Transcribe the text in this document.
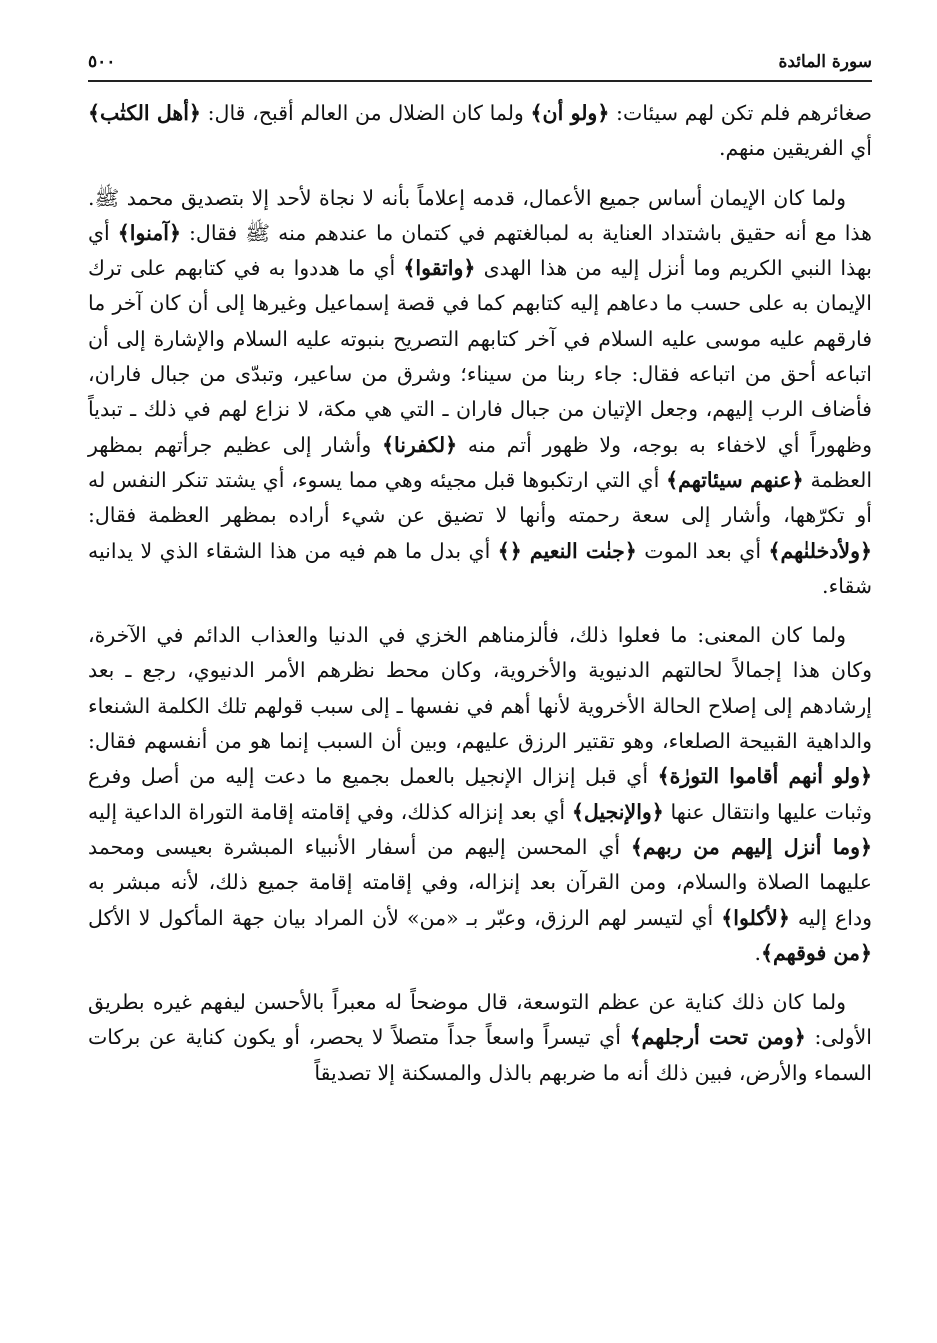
٥٠٠	سورة المائدة

صغائرهم فلم تكن لهم سيئات: ﴿ولو أن﴾ ولما كان الضلال من العالم أقبح، قال: ﴿أهل الكتٰب﴾ أي الفريقين منهم.

ولما كان الإيمان أساس جميع الأعمال، قدمه إعلاماً بأنه لا نجاة لأحد إلا بتصديق محمد ﷺ. هذا مع أنه حقيق باشتداد العناية به لمبالغتهم في كتمان ما عندهم منه ﷺ فقال: ﴿آمنوا﴾ أي بهذا النبي الكريم وما أنزل إليه من هذا الهدى ﴿واتقوا﴾ أي ما هددوا به في كتابهم على ترك الإيمان به على حسب ما دعاهم إليه كتابهم كما في قصة إسماعيل وغيرها إلى أن كان آخر ما فارقهم عليه موسى عليه السلام في آخر كتابهم التصريح بنبوته عليه السلام والإشارة إلى أن اتباعه أحق من اتباعه فقال: جاء ربنا من سيناء؛ وشرق من ساعير، وتبدّى من جبال فاران، فأضاف الرب إليهم، وجعل الإتيان من جبال فاران ـ التي هي مكة، لا نزاع لهم في ذلك ـ تبدياً وظهوراً أي لاخفاء به بوجه، ولا ظهور أتم منه ﴿لكفرنا﴾ وأشار إلى عظيم جرأتهم بمظهر العظمة ﴿عنهم سيئاتهم﴾ أي التي ارتكبوها قبل مجيئه وهي مما يسوء، أي يشتد تنكر النفس له أو تكرّهها، وأشار إلى سعة رحمته وأنها لا تضيق عن شيء أراده بمظهر العظمة فقال: ﴿ولأدخلنٰهم﴾ أي بعد الموت ﴿جنٰت النعيم ﴿﴾ أي بدل ما هم فيه من هذا الشقاء الذي لا يدانيه شقاء.

ولما كان المعنى: ما فعلوا ذلك، فألزمناهم الخزي في الدنيا والعذاب الدائم في الآخرة، وكان هذا إجمالاً لحالتهم الدنيوية والأخروية، وكان محط نظرهم الأمر الدنيوي، رجع ـ بعد إرشادهم إلى إصلاح الحالة الأخروية لأنها أهم في نفسها ـ إلى سبب قولهم تلك الكلمة الشنعاء والداهية القبيحة الصلعاء، وهو تقتير الرزق عليهم، وبين أن السبب إنما هو من أنفسهم فقال: ﴿ولو أنهم أقاموا التورٰة﴾ أي قبل إنزال الإنجيل بالعمل بجميع ما دعت إليه من أصل وفرع وثبات عليها وانتقال عنها ﴿والإنجيل﴾ أي بعد إنزاله كذلك، وفي إقامته إقامة التوراة الداعية إليه ﴿وما أنزل إليهم من ربهم﴾ أي المحسن إليهم من أسفار الأنبياء المبشرة بعيسى ومحمد عليهما الصلاة والسلام، ومن القرآن بعد إنزاله، وفي إقامته إقامة جميع ذلك، لأنه مبشر به وداع إليه ﴿لأكلوا﴾ أي لتيسر لهم الرزق، وعبّر بـ «من» لأن المراد بيان جهة المأكول لا الأكل ﴿من فوقهم﴾.

ولما كان ذلك كناية عن عظم التوسعة، قال موضحاً له معبراً بالأحسن ليفهم غيره بطريق الأولى: ﴿ومن تحت أرجلهم﴾ أي تيسراً واسعاً جداً متصلاً لا يحصر، أو يكون كناية عن بركات السماء والأرض، فبين ذلك أنه ما ضربهم بالذل والمسكنة إلا تصديقاً
